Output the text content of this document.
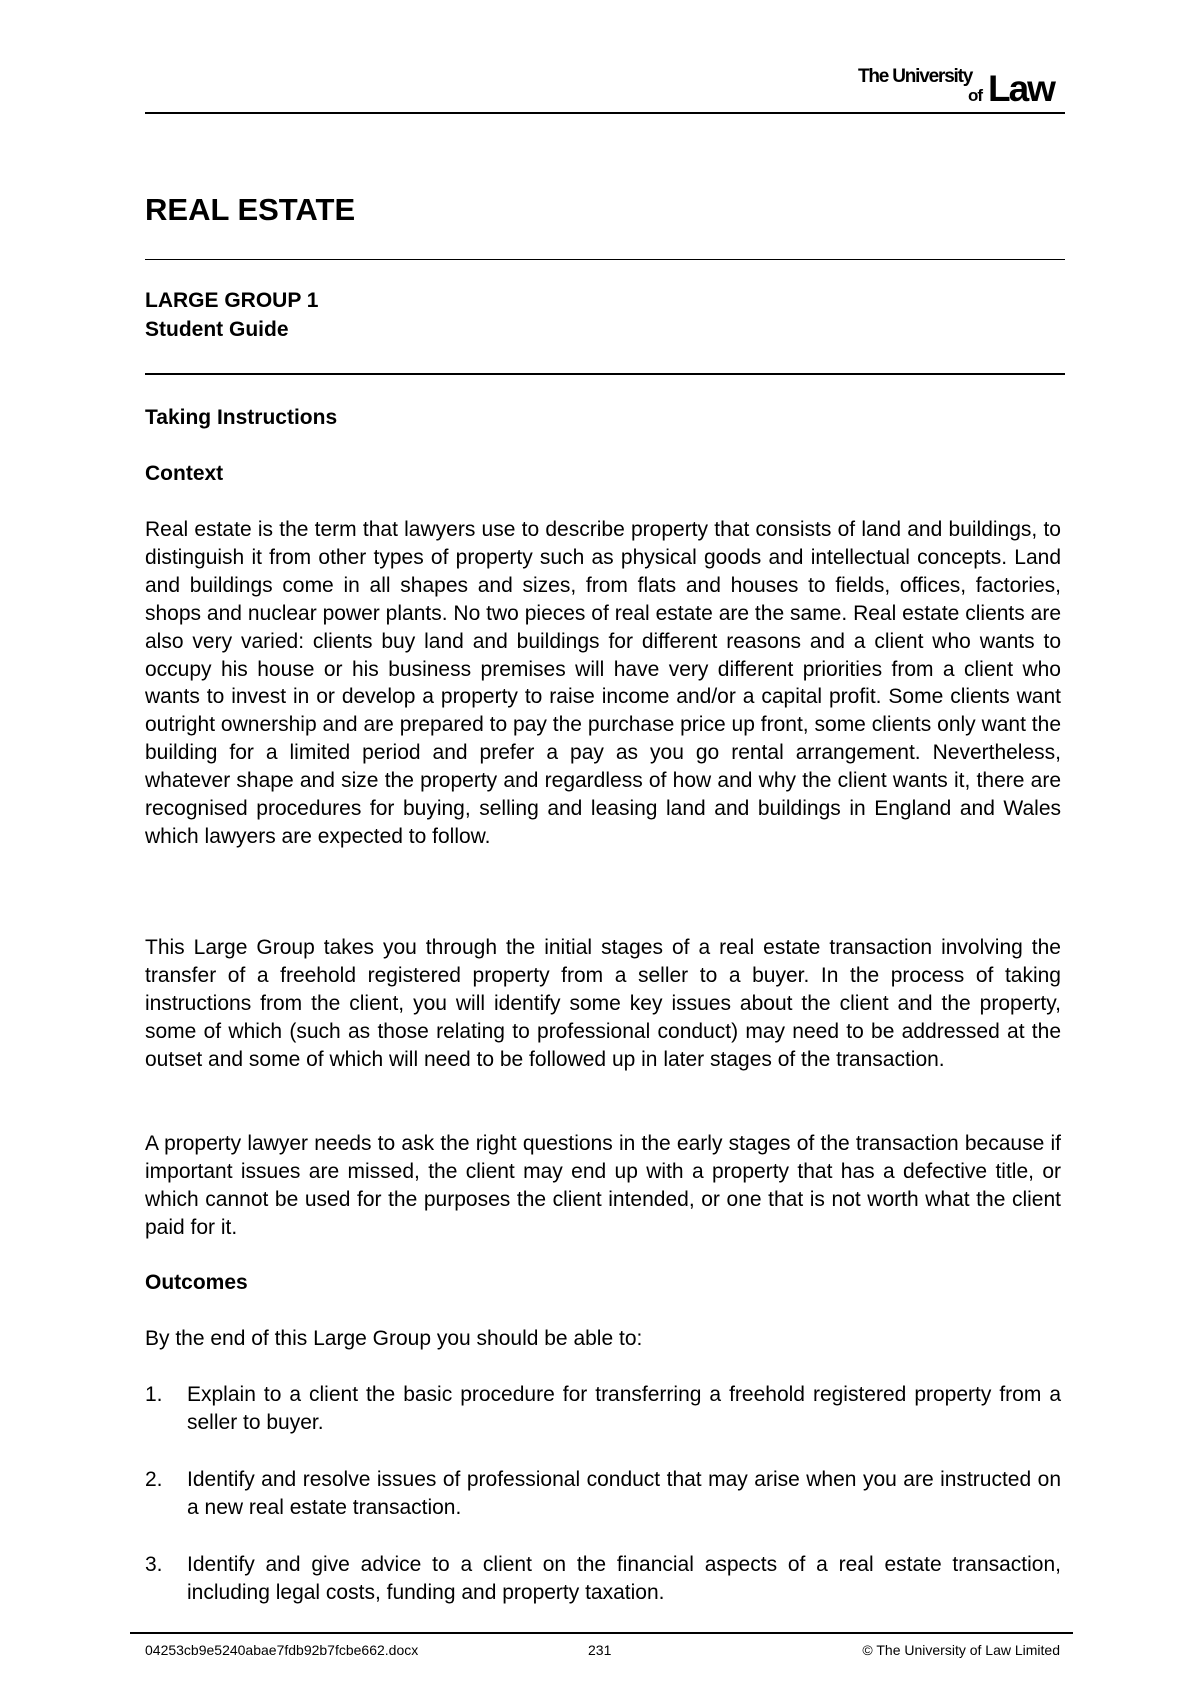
The University
of Law
REAL ESTATE

LARGE GROUP 1

Student Guide

Taking Instructions

Context

Real estate is the term that lawyers use to describe property that consists of land and buildings, to distinguish it from other types of property such as physical goods and intellectual concepts. Land and buildings come in all shapes and sizes, from flats and houses to fields, offices, factories, shops and nuclear power plants. No two pieces of real estate are the same. Real estate clients are also very varied: clients buy land and buildings for different reasons and a client who wants to occupy his house or his business premises will have very different priorities from a client who wants to invest in or develop a property to raise income and/or a capital profit. Some clients want outright ownership and are prepared to pay the purchase price up front, some clients only want the building for a limited period and prefer a pay as you go rental arrangement. Nevertheless, whatever shape and size the property and regardless of how and why the client wants it, there are recognised procedures for buying, selling and leasing land and buildings in England and Wales which lawyers are expected to follow.

This Large Group takes you through the initial stages of a real estate transaction involving the transfer of a freehold registered property from a seller to a buyer. In the process of taking instructions from the client, you will identify some key issues about the client and the property, some of which (such as those relating to professional conduct) may need to be addressed at the outset and some of which will need to be followed up in later stages of the transaction.

A property lawyer needs to ask the right questions in the early stages of the transaction because if important issues are missed, the client may end up with a property that has a defective title, or which cannot be used for the purposes the client intended, or one that is not worth what the client paid for it.

Outcomes

By the end of this Large Group you should be able to:

1. Explain to a client the basic procedure for transferring a freehold registered property from a seller to buyer.
2. Identify and resolve issues of professional conduct that may arise when you are instructed on a new real estate transaction.
3. Identify and give advice to a client on the financial aspects of a real estate transaction, including legal costs, funding and property taxation.
04253cb9e5240abae7fdb92b7fcbe662.docx	231	© The University of Law Limited
